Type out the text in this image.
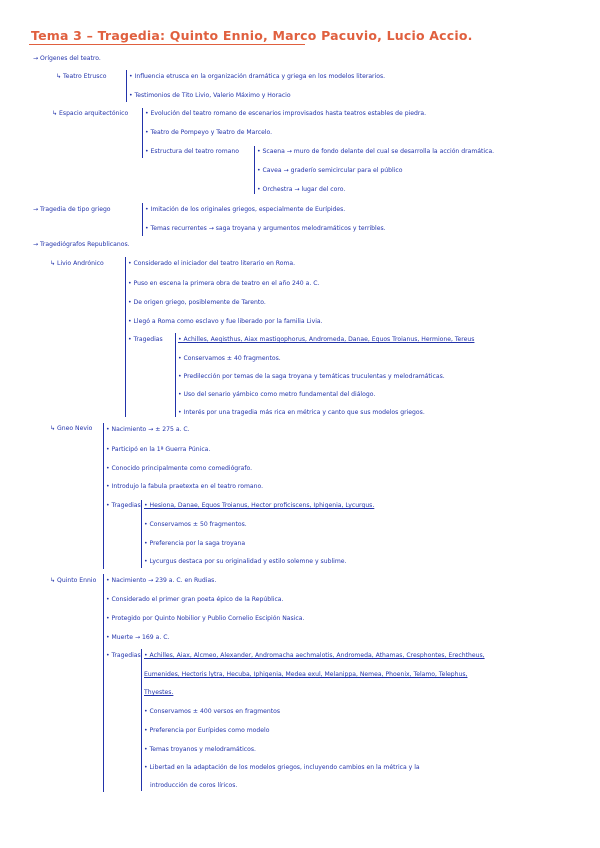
Tema 3 – Tragedia: Quinto Ennio, Marco Pacuvio, Lucio Accio.
→ Orígenes del teatro.
↳ Teatro Etrusco	• Influencia etrusca en la organización dramática y griega en los modelos literarios.
• Testimonios de Tito Livio, Valerio Máximo y Horacio
↳ Espacio arquitectónico	• Evolución del teatro romano de escenarios improvisados hasta teatros estables de piedra.
• Teatro de Pompeyo y Teatro de Marcelo.
• Estructura del teatro romano	• Scaena → muro de fondo delante del cual se desarrolla la acción dramática.
• Cavea → graderío semicircular para el público
• Orchestra → lugar del coro.
→ Tragedia de tipo griego	• Imitación de los originales griegos, especialmente de Eurípides.
• Temas recurrentes → saga troyana y argumentos melodramáticos y terribles.
→ Tragediógrafos Republicanos.
↳ Livio Andrónico	• Considerado el iniciador del teatro literario en Roma.
• Puso en escena la primera obra de teatro en el año 240 a. C.
• De origen griego, posiblemente de Tarento.
• Llegó a Roma como esclavo y fue liberado por la familia Livia.
• Tragedias	• Achilles, Aegisthus, Aiax mastigophorus, Andromeda, Danae, Equos Troianus, Hermione, Tereus
• Conservamos ± 40 fragmentos.
• Predilección por temas de la saga troyana y temáticas truculentas y melodramáticas.
• Uso del senario yámbico como metro fundamental del diálogo.
• Interés por una tragedia más rica en métrica y canto que sus modelos griegos.
↳ Gneo Nevio • Nacimiento → ± 275 a. C.
• Participó en la 1ª Guerra Púnica.
• Conocido principalmente como comediógrafo.
• Introdujo la fabula praetexta en el teatro romano.
• Tragedias • Hesiona, Danae, Equos Troianus, Hector proficiscens, Iphigenia, Lycurgus.
• Conservamos ± 50 fragmentos.
• Preferencia por la saga troyana
• Lycurgus destaca por su originalidad y estilo solemne y sublime.
↳ Quinto Ennio • Nacimiento → 239 a. C. en Rudias.
• Considerado el primer gran poeta épico de la República.
• Protegido por Quinto Nobilior y Publio Cornelio Escipión Nasica.
• Muerte → 169 a. C.
• Tragedias • Achilles, Aiax, Alcmeo, Alexander, Andromacha aechmalotis, Andromeda, Athamas, Cresphontes, Erechtheus,
Eumenides, Hectoris lytra, Hecuba, Iphigenia, Medea exul, Melanippa, Nemea, Phoenix, Telamo, Telephus,
Thyestes.
• Conservamos ± 400 versos en fragmentos
• Preferencia por Eurípides como modelo
• Temas troyanos y melodramáticos.
• Libertad en la adaptación de los modelos griegos, incluyendo cambios en la métrica y la
introducción de coros líricos.
